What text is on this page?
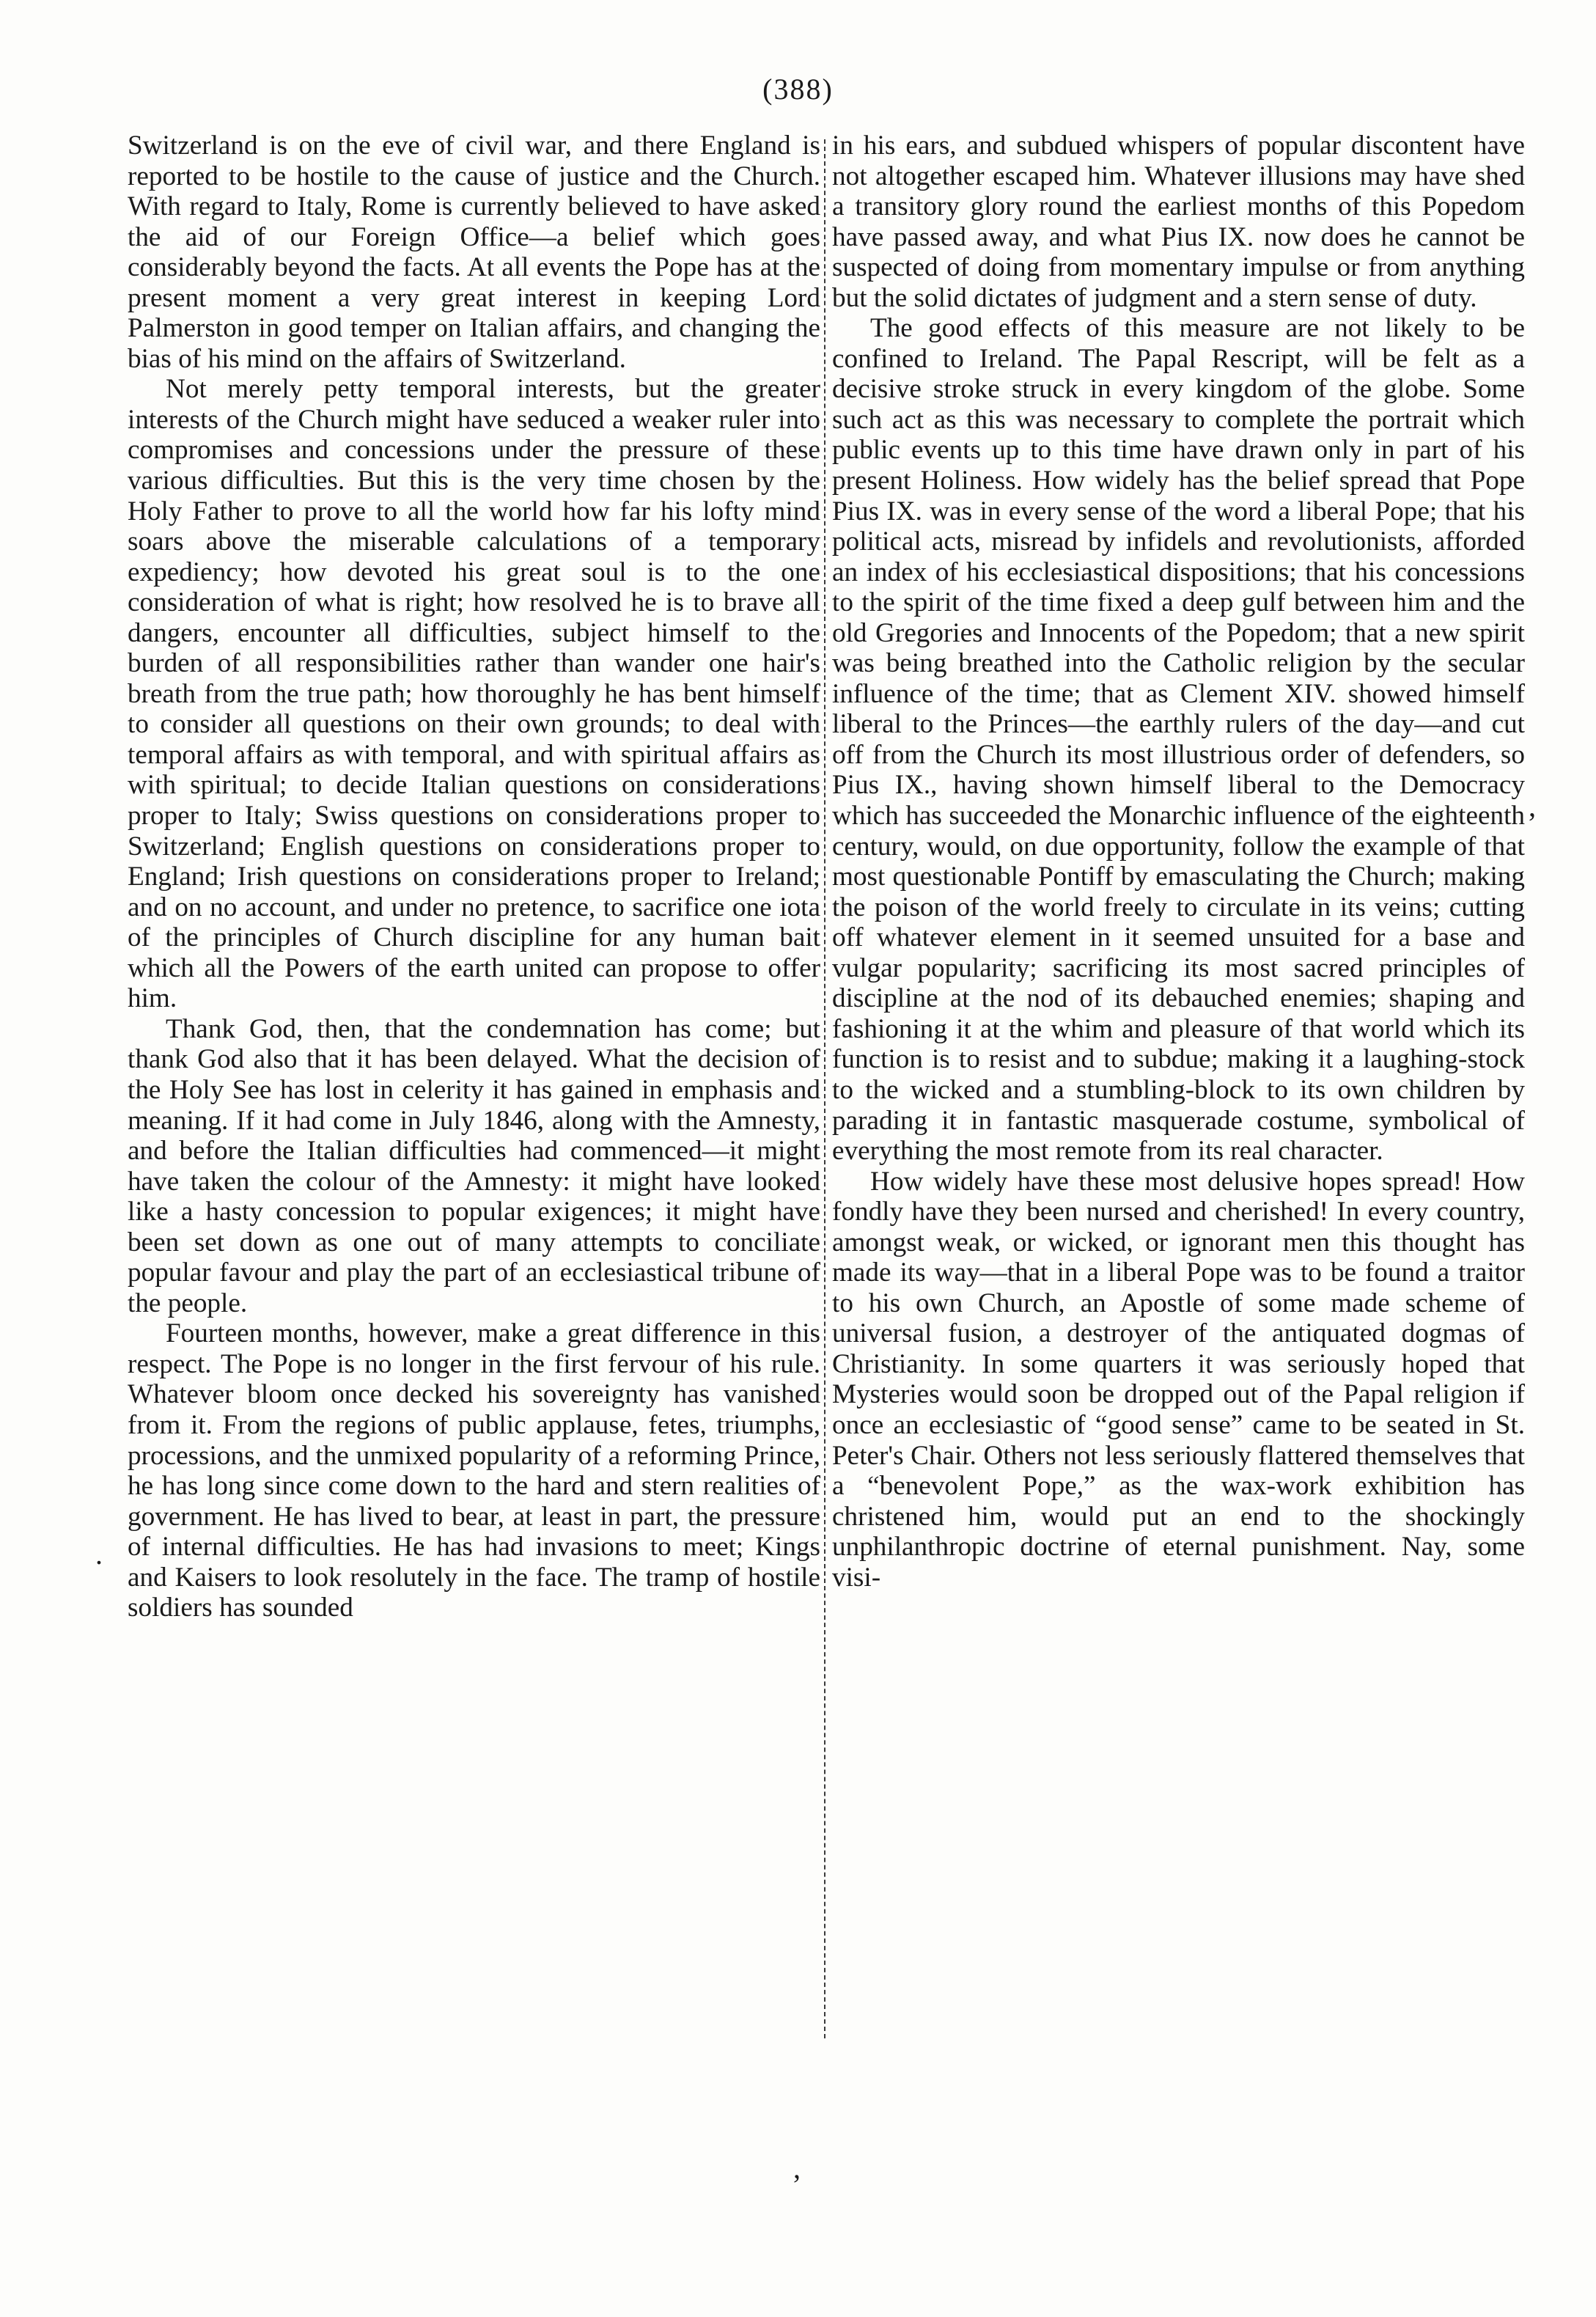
(388)

Switzerland is on the eve of civil war, and there England is reported to be hostile to the cause of justice and the Church. With regard to Italy, Rome is currently believed to have asked the aid of our Foreign Office—a belief which goes considerably beyond the facts. At all events the Pope has at the present moment a very great interest in keeping Lord Palmerston in good temper on Italian affairs, and changing the bias of his mind on the affairs of Switzerland.

Not merely petty temporal interests, but the greater interests of the Church might have seduced a weaker ruler into compromises and concessions under the pressure of these various difficulties. But this is the very time chosen by the Holy Father to prove to all the world how far his lofty mind soars above the miserable calculations of a temporary expediency; how devoted his great soul is to the one consideration of what is right; how resolved he is to brave all dangers, encounter all difficulties, subject himself to the burden of all responsibilities rather than wander one hair's breath from the true path; how thoroughly he has bent himself to consider all questions on their own grounds; to deal with temporal affairs as with temporal, and with spiritual affairs as with spiritual; to decide Italian questions on considerations proper to Italy; Swiss questions on considerations proper to Switzerland; English questions on considerations proper to England; Irish questions on considerations proper to Ireland; and on no account, and under no pretence, to sacrifice one iota of the principles of Church discipline for any human bait which all the Powers of the earth united can propose to offer him.

Thank God, then, that the condemnation has come; but thank God also that it has been delayed. What the decision of the Holy See has lost in celerity it has gained in emphasis and meaning. If it had come in July 1846, along with the Amnesty, and before the Italian difficulties had commenced—it might have taken the colour of the Amnesty: it might have looked like a hasty concession to popular exigences; it might have been set down as one out of many attempts to conciliate popular favour and play the part of an ecclesiastical tribune of the people.

Fourteen months, however, make a great difference in this respect. The Pope is no longer in the first fervour of his rule. Whatever bloom once decked his sovereignty has vanished from it. From the regions of public applause, fetes, triumphs, processions, and the unmixed popularity of a reforming Prince, he has long since come down to the hard and stern realities of government. He has lived to bear, at least in part, the pressure of internal difficulties. He has had invasions to meet; Kings and Kaisers to look resolutely in the face. The tramp of hostile soldiers has sounded

in his ears, and subdued whispers of popular discontent have not altogether escaped him. Whatever illusions may have shed a transitory glory round the earliest months of this Popedom have passed away, and what Pius IX. now does he cannot be suspected of doing from momentary impulse or from anything but the solid dictates of judgment and a stern sense of duty.

The good effects of this measure are not likely to be confined to Ireland. The Papal Rescript, will be felt as a decisive stroke struck in every kingdom of the globe. Some such act as this was necessary to complete the portrait which public events up to this time have drawn only in part of his present Holiness. How widely has the belief spread that Pope Pius IX. was in every sense of the word a liberal Pope; that his political acts, misread by infidels and revolutionists, afforded an index of his ecclesiastical dispositions; that his concessions to the spirit of the time fixed a deep gulf between him and the old Gregories and Innocents of the Popedom; that a new spirit was being breathed into the Catholic religion by the secular influence of the time; that as Clement XIV. showed himself liberal to the Princes—the earthly rulers of the day—and cut off from the Church its most illustrious order of defenders, so Pius IX., having shown himself liberal to the Democracy which has succeeded the Monarchic influence of the eighteenth century, would, on due opportunity, follow the example of that most questionable Pontiff by emasculating the Church; making the poison of the world freely to circulate in its veins; cutting off whatever element in it seemed unsuited for a base and vulgar popularity; sacrificing its most sacred principles of discipline at the nod of its debauched enemies; shaping and fashioning it at the whim and pleasure of that world which its function is to resist and to subdue; making it a laughing-stock to the wicked and a stumbling-block to its own children by parading it in fantastic masquerade costume, symbolical of everything the most remote from its real character.

How widely have these most delusive hopes spread! How fondly have they been nursed and cherished! In every country, amongst weak, or wicked, or ignorant men this thought has made its way—that in a liberal Pope was to be found a traitor to his own Church, an Apostle of some made scheme of universal fusion, a destroyer of the antiquated dogmas of Christianity. In some quarters it was seriously hoped that Mysteries would soon be dropped out of the Papal religion if once an ecclesiastic of “good sense” came to be seated in St. Peter's Chair. Others not less seriously flattered themselves that a “benevolent Pope,” as the wax-work exhibition has christened him, would put an end to the shockingly unphilanthropic doctrine of eternal punishment. Nay, some visi-

.
,
’
